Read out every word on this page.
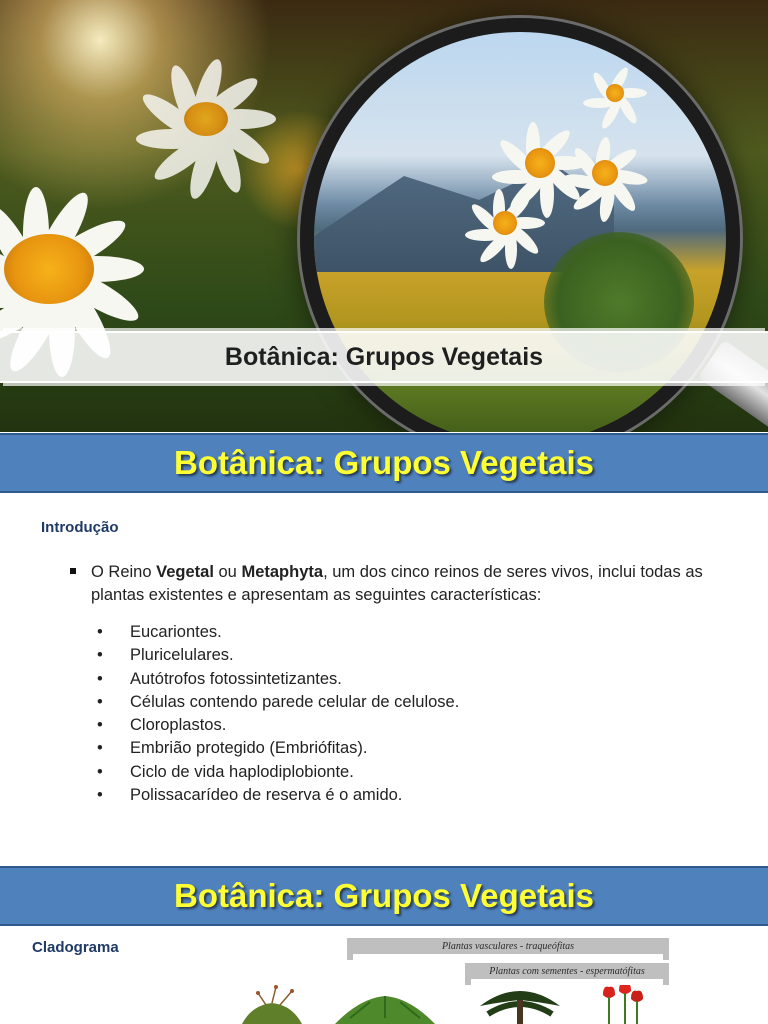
Botânica: Grupos Vegetais
Botânica: Grupos Vegetais
Introdução
O Reino Vegetal ou Metaphyta, um dos cinco reinos de seres vivos, inclui todas as plantas existentes e apresentam as seguintes características:
• Eucariontes.
• Pluricelulares.
• Autótrofos fotossintetizantes.
• Células contendo parede celular de celulose.
• Cloroplastos.
• Embrião protegido (Embriófitas).
• Ciclo de vida haplodiplobionte.
• Polissacarídeo de reserva é o amido.
Botânica: Grupos Vegetais
Cladograma	Plantas vasculares - traqueófitas
Plantas com sementes - espermatófitas
